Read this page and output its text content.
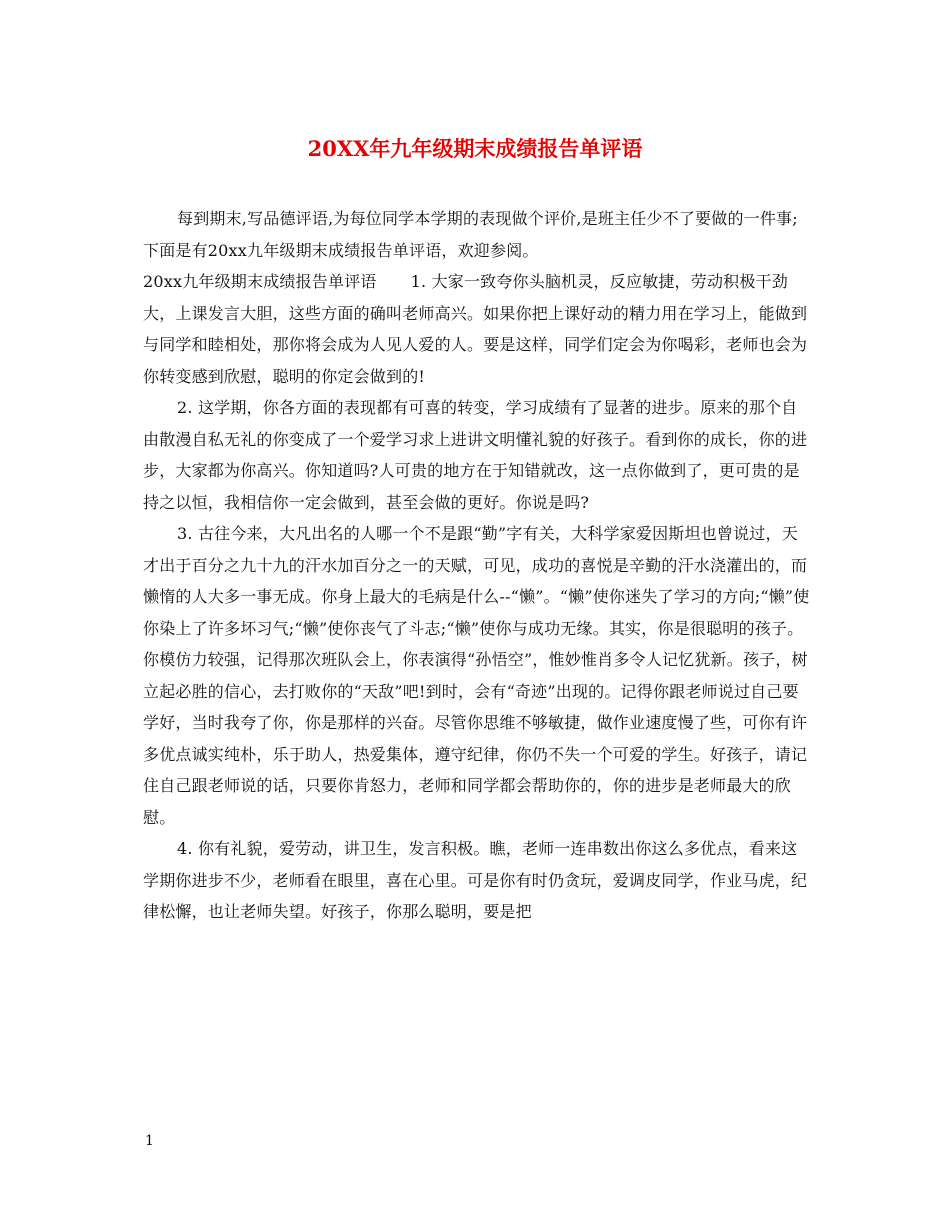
20XX年九年级期末成绩报告单评语

每到期末,写品德评语,为每位同学本学期的表现做个评价,是班主任少不了要做的一件事;下面是有20xx九年级期末成绩报告单评语，欢迎参阅。

20xx九年级期末成绩报告单评语 1. 大家一致夸你头脑机灵，反应敏捷，劳动积极干劲大，上课发言大胆，这些方面的确叫老师高兴。如果你把上课好动的精力用在学习上，能做到与同学和睦相处，那你将会成为人见人爱的人。要是这样，同学们定会为你喝彩，老师也会为你转变感到欣慰，聪明的你定会做到的!

2. 这学期，你各方面的表现都有可喜的转变，学习成绩有了显著的进步。原来的那个自由散漫自私无礼的你变成了一个爱学习求上进讲文明懂礼貌的好孩子。看到你的成长，你的进步，大家都为你高兴。你知道吗?人可贵的地方在于知错就改，这一点你做到了，更可贵的是持之以恒，我相信你一定会做到，甚至会做的更好。你说是吗?

3. 古往今来，大凡出名的人哪一个不是跟“勤”字有关，大科学家爱因斯坦也曾说过，天才出于百分之九十九的汗水加百分之一的天赋，可见，成功的喜悦是辛勤的汗水浇灌出的，而懒惰的人大多一事无成。你身上最大的毛病是什么--“懒”。“懒”使你迷失了学习的方向;“懒”使你染上了许多坏习气;“懒”使你丧气了斗志;“懒”使你与成功无缘。其实，你是很聪明的孩子。你模仿力较强，记得那次班队会上，你表演得“孙悟空”，惟妙惟肖多令人记忆犹新。孩子，树立起必胜的信心，去打败你的“天敌”吧!到时，会有“奇迹”出现的。记得你跟老师说过自己要学好，当时我夸了你，你是那样的兴奋。尽管你思维不够敏捷，做作业速度慢了些，可你有许多优点诚实纯朴，乐于助人，热爱集体，遵守纪律，你仍不失一个可爱的学生。好孩子，请记住自己跟老师说的话，只要你肯怒力，老师和同学都会帮助你的，你的进步是老师最大的欣慰。

4. 你有礼貌，爱劳动，讲卫生，发言积极。瞧，老师一连串数出你这么多优点，看来这学期你进步不少，老师看在眼里，喜在心里。可是你有时仍贪玩，爱调皮同学，作业马虎，纪律松懈，也让老师失望。好孩子，你那么聪明，要是把

1
